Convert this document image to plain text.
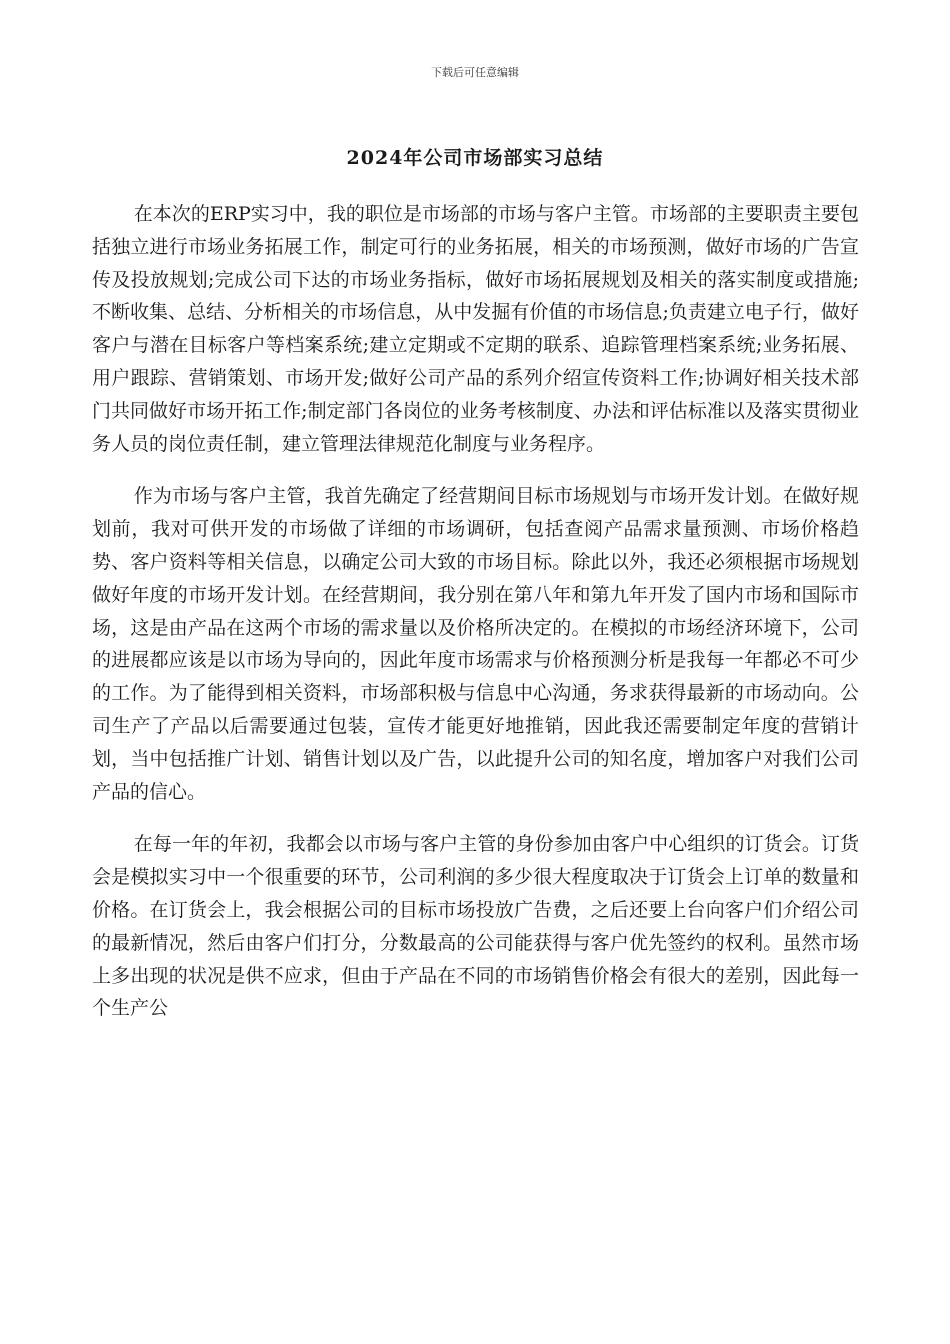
下载后可任意编辑
2024年公司市场部实习总结

在本次的ERP实习中，我的职位是市场部的市场与客户主管。市场部的主要职责主要包括独立进行市场业务拓展工作，制定可行的业务拓展，相关的市场预测，做好市场的广告宣传及投放规划;完成公司下达的市场业务指标，做好市场拓展规划及相关的落实制度或措施;不断收集、总结、分析相关的市场信息，从中发掘有价值的市场信息;负责建立电子行，做好客户与潜在目标客户等档案系统;建立定期或不定期的联系、追踪管理档案系统;业务拓展、用户跟踪、营销策划、市场开发;做好公司产品的系列介绍宣传资料工作;协调好相关技术部门共同做好市场开拓工作;制定部门各岗位的业务考核制度、办法和评估标准以及落实贯彻业务人员的岗位责任制，建立管理法律规范化制度与业务程序。

作为市场与客户主管，我首先确定了经营期间目标市场规划与市场开发计划。在做好规划前，我对可供开发的市场做了详细的市场调研，包括查阅产品需求量预测、市场价格趋势、客户资料等相关信息，以确定公司大致的市场目标。除此以外，我还必须根据市场规划做好年度的市场开发计划。在经营期间，我分别在第八年和第九年开发了国内市场和国际市场，这是由产品在这两个市场的需求量以及价格所决定的。在模拟的市场经济环境下，公司的进展都应该是以市场为导向的，因此年度市场需求与价格预测分析是我每一年都必不可少的工作。为了能得到相关资料，市场部积极与信息中心沟通，务求获得最新的市场动向。公司生产了产品以后需要通过包装，宣传才能更好地推销，因此我还需要制定年度的营销计划，当中包括推广计划、销售计划以及广告，以此提升公司的知名度，增加客户对我们公司产品的信心。

在每一年的年初，我都会以市场与客户主管的身份参加由客户中心组织的订货会。订货会是模拟实习中一个很重要的环节，公司利润的多少很大程度取决于订货会上订单的数量和价格。在订货会上，我会根据公司的目标市场投放广告费，之后还要上台向客户们介绍公司的最新情况，然后由客户们打分，分数最高的公司能获得与客户优先签约的权利。虽然市场上多出现的状况是供不应求，但由于产品在不同的市场销售价格会有很大的差别，因此每一个生产公
